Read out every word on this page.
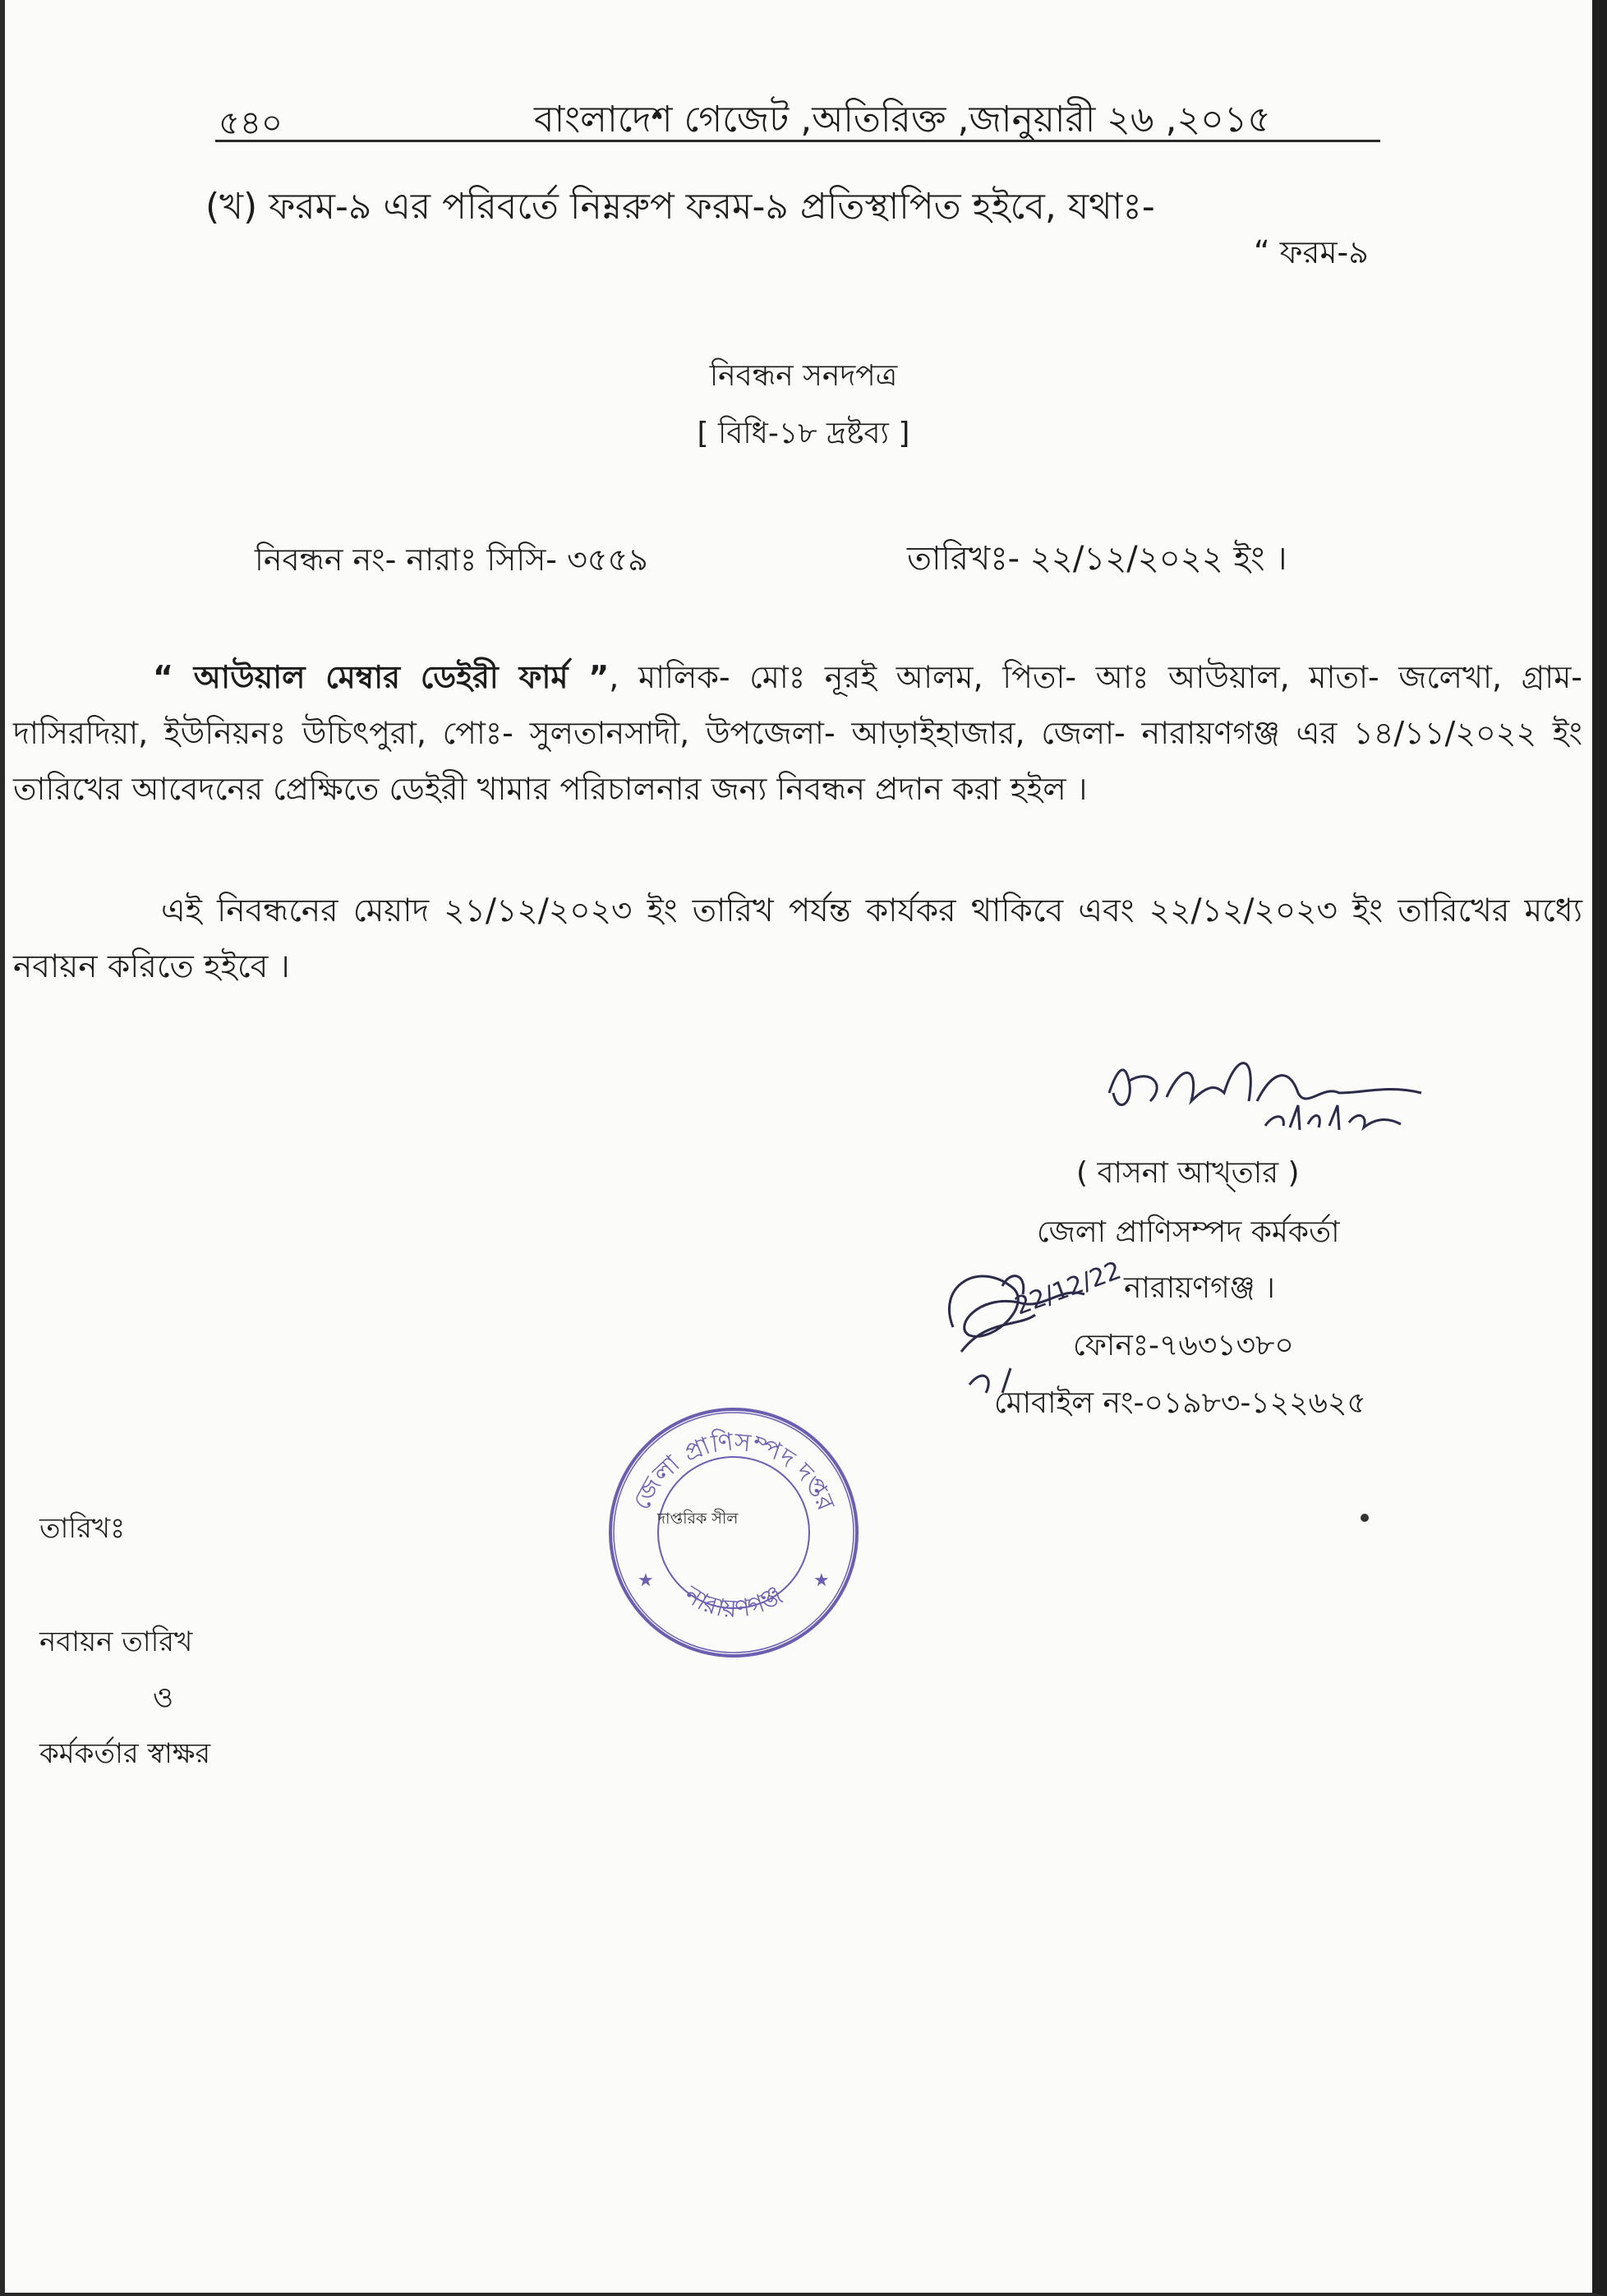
৫৪০	বাংলাদেশ গেজেট ,অতিরিক্ত ,জানুয়ারী ২৬ ,২০১৫
(খ) ফরম-৯ এর পরিবর্তে নিম্নরুপ ফরম-৯ প্রতিস্থাপিত হইবে, যথাঃ-
“ ফরম-৯
নিবন্ধন সনদপত্র
[ বিধি-১৮ দ্রষ্টব্য ]
নিবন্ধন নং- নারাঃ সিসি- ৩৫৫৯	তারিখঃ- ২২/১২/২০২২ ইং ।
“ আউয়াল মেম্বার ডেইরী ফার্ম ”, মালিক- মোঃ নূরই আলম, পিতা- আঃ আউয়াল, মাতা- জলেখা, গ্রাম- দাসিরদিয়া, ইউনিয়নঃ উচিৎপুরা, পোঃ- সুলতানসাদী, উপজেলা- আড়াইহাজার, জেলা- নারায়ণগঞ্জ এর ১৪/১১/২০২২ ইং তারিখের আবেদনের প্রেক্ষিতে ডেইরী খামার পরিচালনার জন্য নিবন্ধন প্রদান করা হইল ।
এই নিবন্ধনের মেয়াদ ২১/১২/২০২৩ ইং তারিখ পর্যন্ত কার্যকর থাকিবে এবং ২২/১২/২০২৩ ইং তারিখের মধ্যে নবায়ন করিতে হইবে ।
( বাসনা আখ্তার )
জেলা প্রাণিসম্পদ কর্মকর্তা
নারায়ণগঞ্জ ।
ফোনঃ-৭৬৩১৩৮০
মোবাইল নং-০১৯৮৩-১২২৬২৫
22/12/22
জেলা প্রাণিসম্পদ দপ্তর
নারায়ণগঞ্জ
★	★
দাপ্তরিক সীল
তারিখঃ
নবায়ন তারিখ
ও
কর্মকর্তার স্বাক্ষর
